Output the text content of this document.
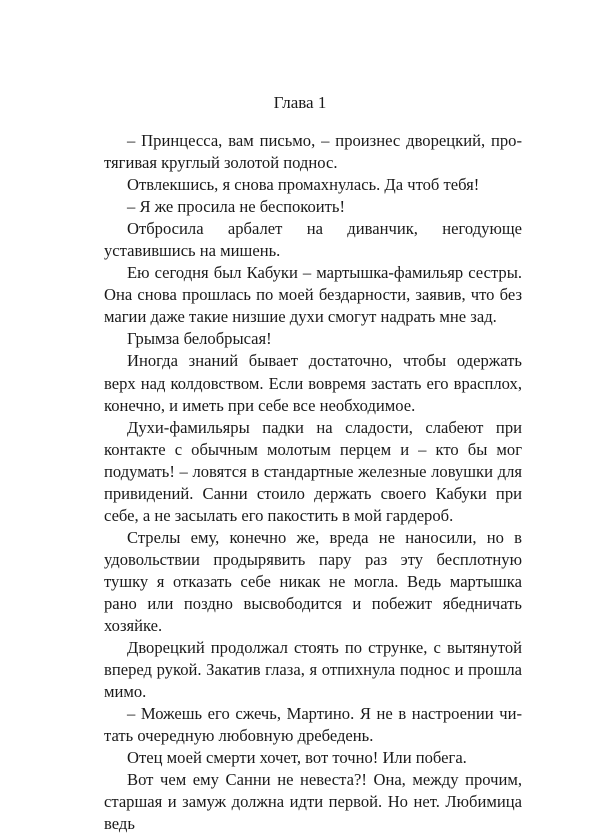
Глава 1

– Принцесса, вам письмо, – произнес дворецкий, протягивая круглый золотой поднос.

Отвлекшись, я снова промахнулась. Да чтоб тебя!

– Я же просила не беспокоить!

Отбросила арбалет на диванчик, негодующе уставившись на мишень.

Ею сегодня был Кабуки – мартышка-фамильяр сестры. Она снова прошлась по моей бездарности, заявив, что без магии даже такие низшие духи смогут надрать мне зад.

Грымза белобрысая!

Иногда знаний бывает достаточно, чтобы одержать верх над колдовством. Если вовремя застать его врасплох, конечно, и иметь при себе все необходимое.

Духи-фамильяры падки на сладости, слабеют при контакте с обычным молотым перцем и – кто бы мог подумать! – ловятся в стандартные железные ловушки для привидений. Санни стоило держать своего Кабуки при себе, а не засылать его пакостить в мой гардероб.

Стрелы ему, конечно же, вреда не наносили, но в удовольствии продырявить пару раз эту бесплотную тушку я отказать себе никак не могла. Ведь мартышка рано или поздно высвободится и побежит ябедничать хозяйке.

Дворецкий продолжал стоять по струнке, с вытянутой вперед рукой. Закатив глаза, я отпихнула поднос и прошла мимо.

– Можешь его сжечь, Мартино. Я не в настроении читать очередную любовную дребедень.

Отец моей смерти хочет, вот точно! Или побега.

Вот чем ему Санни не невеста?! Она, между прочим, старшая и замуж должна идти первой. Но нет. Любимица ведь
